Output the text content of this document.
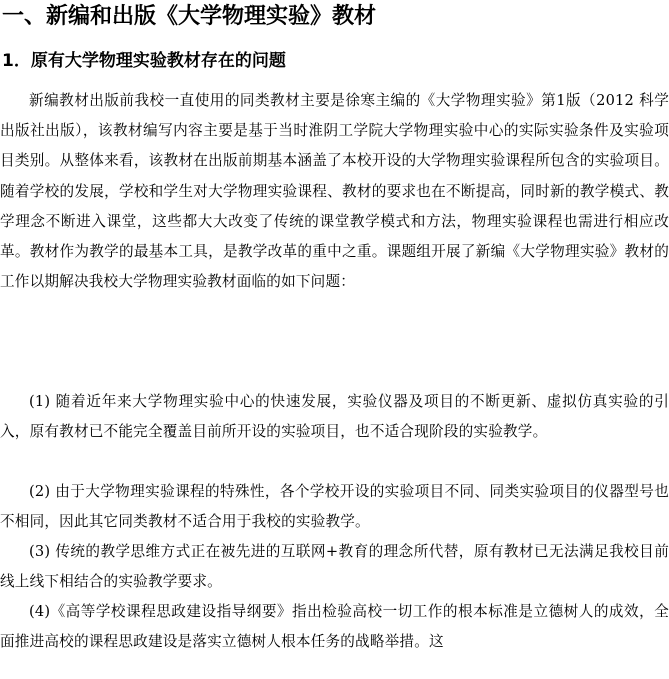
一、新编和出版《大学物理实验》教材
1．原有大学物理实验教材存在的问题

新编教材出版前我校一直使用的同类教材主要是徐寒主编的《大学物理实验》第1版（2012 科学出版社出版），该教材编写内容主要是基于当时淮阴工学院大学物理实验中心的实际实验条件及实验项目类别。从整体来看，该教材在出版前期基本涵盖了本校开设的大学物理实验课程所包含的实验项目。随着学校的发展，学校和学生对大学物理实验课程、教材的要求也在不断提高，同时新的教学模式、教学理念不断进入课堂，这些都大大改变了传统的课堂教学模式和方法，物理实验课程也需进行相应改革。教材作为教学的最基本工具，是教学改革的重中之重。课题组开展了新编《大学物理实验》教材的工作以期解决我校大学物理实验教材面临的如下问题：

(1) 随着近年来大学物理实验中心的快速发展，实验仪器及项目的不断更新、虚拟仿真实验的引入，原有教材已不能完全覆盖目前所开设的实验项目，也不适合现阶段的实验教学。

(2) 由于大学物理实验课程的特殊性，各个学校开设的实验项目不同、同类实验项目的仪器型号也不相同，因此其它同类教材不适合用于我校的实验教学。

(3) 传统的教学思维方式正在被先进的互联网+教育的理念所代替，原有教材已无法满足我校目前线上线下相结合的实验教学要求。

(4)《高等学校课程思政建设指导纲要》指出检验高校一切工作的根本标准是立德树人的成效，全面推进高校的课程思政建设是落实立德树人根本任务的战略举措。这
